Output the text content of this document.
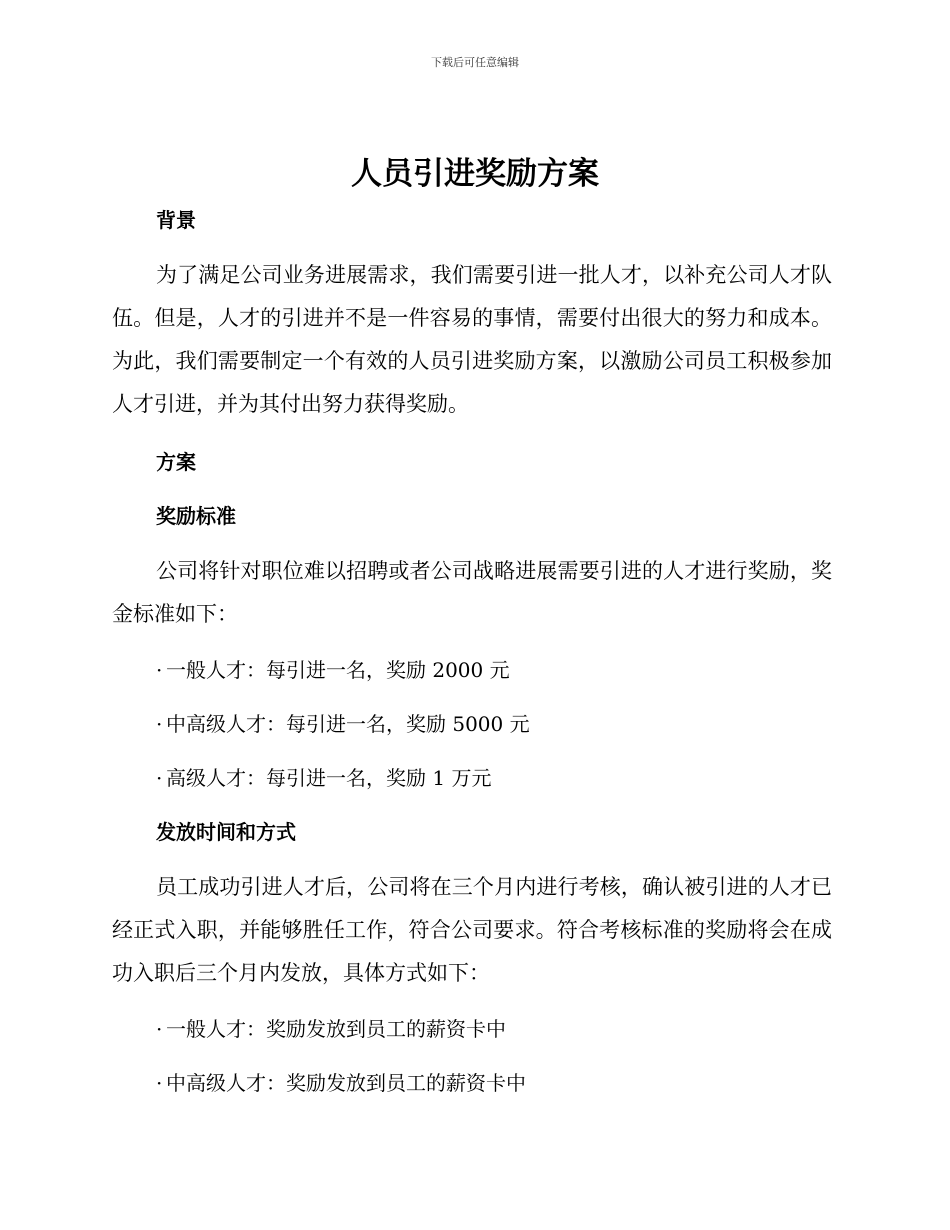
下载后可任意编辑
人员引进奖励方案

背景

为了满足公司业务进展需求，我们需要引进一批人才，以补充公司人才队伍。但是，人才的引进并不是一件容易的事情，需要付出很大的努力和成本。为此，我们需要制定一个有效的人员引进奖励方案，以激励公司员工积极参加人才引进，并为其付出努力获得奖励。

方案

奖励标准

公司将针对职位难以招聘或者公司战略进展需要引进的人才进行奖励，奖金标准如下：

· 一般人才：每引进一名，奖励 2000 元

· 中高级人才：每引进一名，奖励 5000 元

· 高级人才：每引进一名，奖励 1 万元

发放时间和方式

员工成功引进人才后，公司将在三个月内进行考核，确认被引进的人才已经正式入职，并能够胜任工作，符合公司要求。符合考核标准的奖励将会在成功入职后三个月内发放，具体方式如下：

· 一般人才：奖励发放到员工的薪资卡中

· 中高级人才：奖励发放到员工的薪资卡中
